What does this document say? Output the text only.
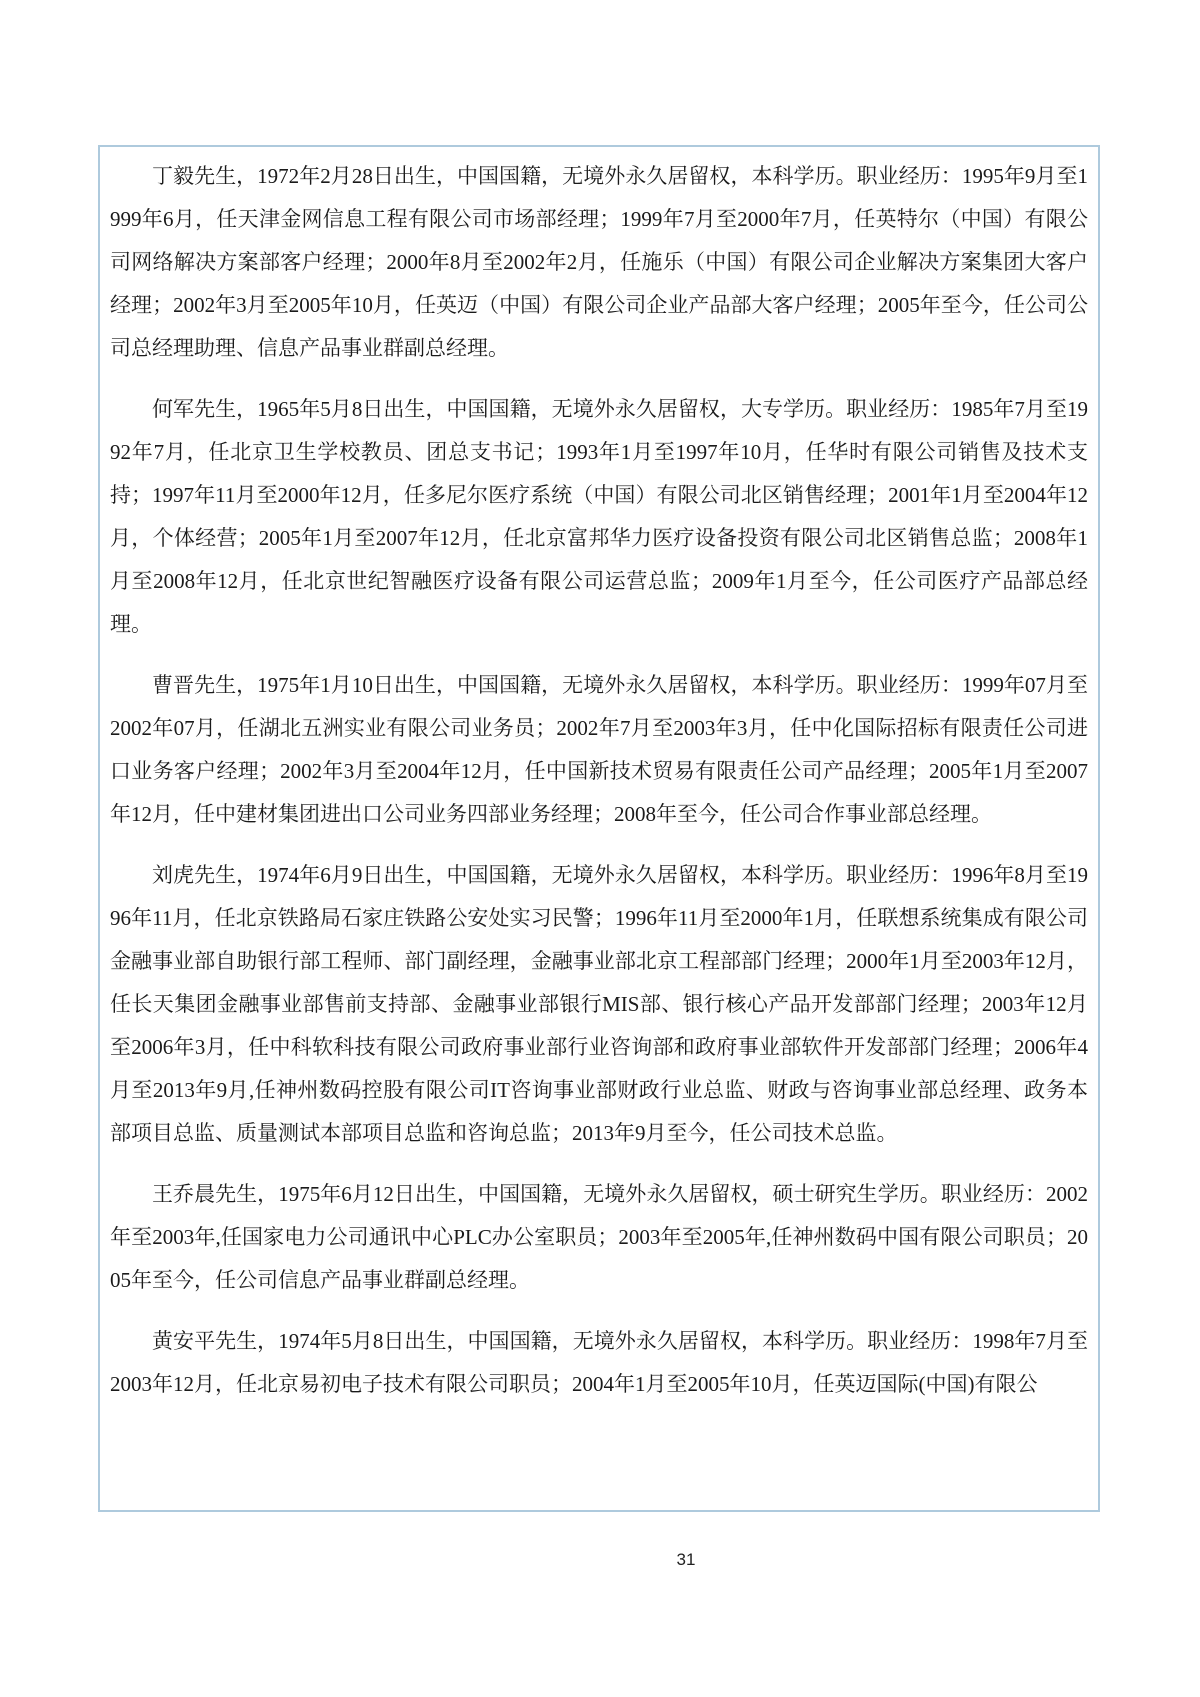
丁毅先生，1972年2月28日出生，中国国籍，无境外永久居留权，本科学历。职业经历：1995年9月至1999年6月，任天津金网信息工程有限公司市场部经理；1999年7月至2000年7月，任英特尔（中国）有限公司网络解决方案部客户经理；2000年8月至2002年2月，任施乐（中国）有限公司企业解决方案集团大客户经理；2002年3月至2005年10月，任英迈（中国）有限公司企业产品部大客户经理；2005年至今，任公司公司总经理助理、信息产品事业群副总经理。

何军先生，1965年5月8日出生，中国国籍，无境外永久居留权，大专学历。职业经历：1985年7月至1992年7月，任北京卫生学校教员、团总支书记；1993年1月至1997年10月，任华时有限公司销售及技术支持；1997年11月至2000年12月，任多尼尔医疗系统（中国）有限公司北区销售经理；2001年1月至2004年12月，个体经营；2005年1月至2007年12月，任北京富邦华力医疗设备投资有限公司北区销售总监；2008年1月至2008年12月，任北京世纪智融医疗设备有限公司运营总监；2009年1月至今，任公司医疗产品部总经理。

曹晋先生，1975年1月10日出生，中国国籍，无境外永久居留权，本科学历。职业经历：1999年07月至2002年07月，任湖北五洲实业有限公司业务员；2002年7月至2003年3月，任中化国际招标有限责任公司进口业务客户经理；2002年3月至2004年12月，任中国新技术贸易有限责任公司产品经理；2005年1月至2007年12月，任中建材集团进出口公司业务四部业务经理；2008年至今，任公司合作事业部总经理。

刘虎先生，1974年6月9日出生，中国国籍，无境外永久居留权，本科学历。职业经历：1996年8月至1996年11月，任北京铁路局石家庄铁路公安处实习民警；1996年11月至2000年1月，任联想系统集成有限公司金融事业部自助银行部工程师、部门副经理，金融事业部北京工程部部门经理；2000年1月至2003年12月，任长天集团金融事业部售前支持部、金融事业部银行MIS部、银行核心产品开发部部门经理；2003年12月至2006年3月，任中科软科技有限公司政府事业部行业咨询部和政府事业部软件开发部部门经理；2006年4月至2013年9月,任神州数码控股有限公司IT咨询事业部财政行业总监、财政与咨询事业部总经理、政务本部项目总监、质量测试本部项目总监和咨询总监；2013年9月至今，任公司技术总监。

王乔晨先生，1975年6月12日出生，中国国籍，无境外永久居留权，硕士研究生学历。职业经历：2002年至2003年,任国家电力公司通讯中心PLC办公室职员；2003年至2005年,任神州数码中国有限公司职员；2005年至今，任公司信息产品事业群副总经理。

黄安平先生，1974年5月8日出生，中国国籍，无境外永久居留权，本科学历。职业经历：1998年7月至2003年12月，任北京易初电子技术有限公司职员；2004年1月至2005年10月，任英迈国际(中国)有限公

31
